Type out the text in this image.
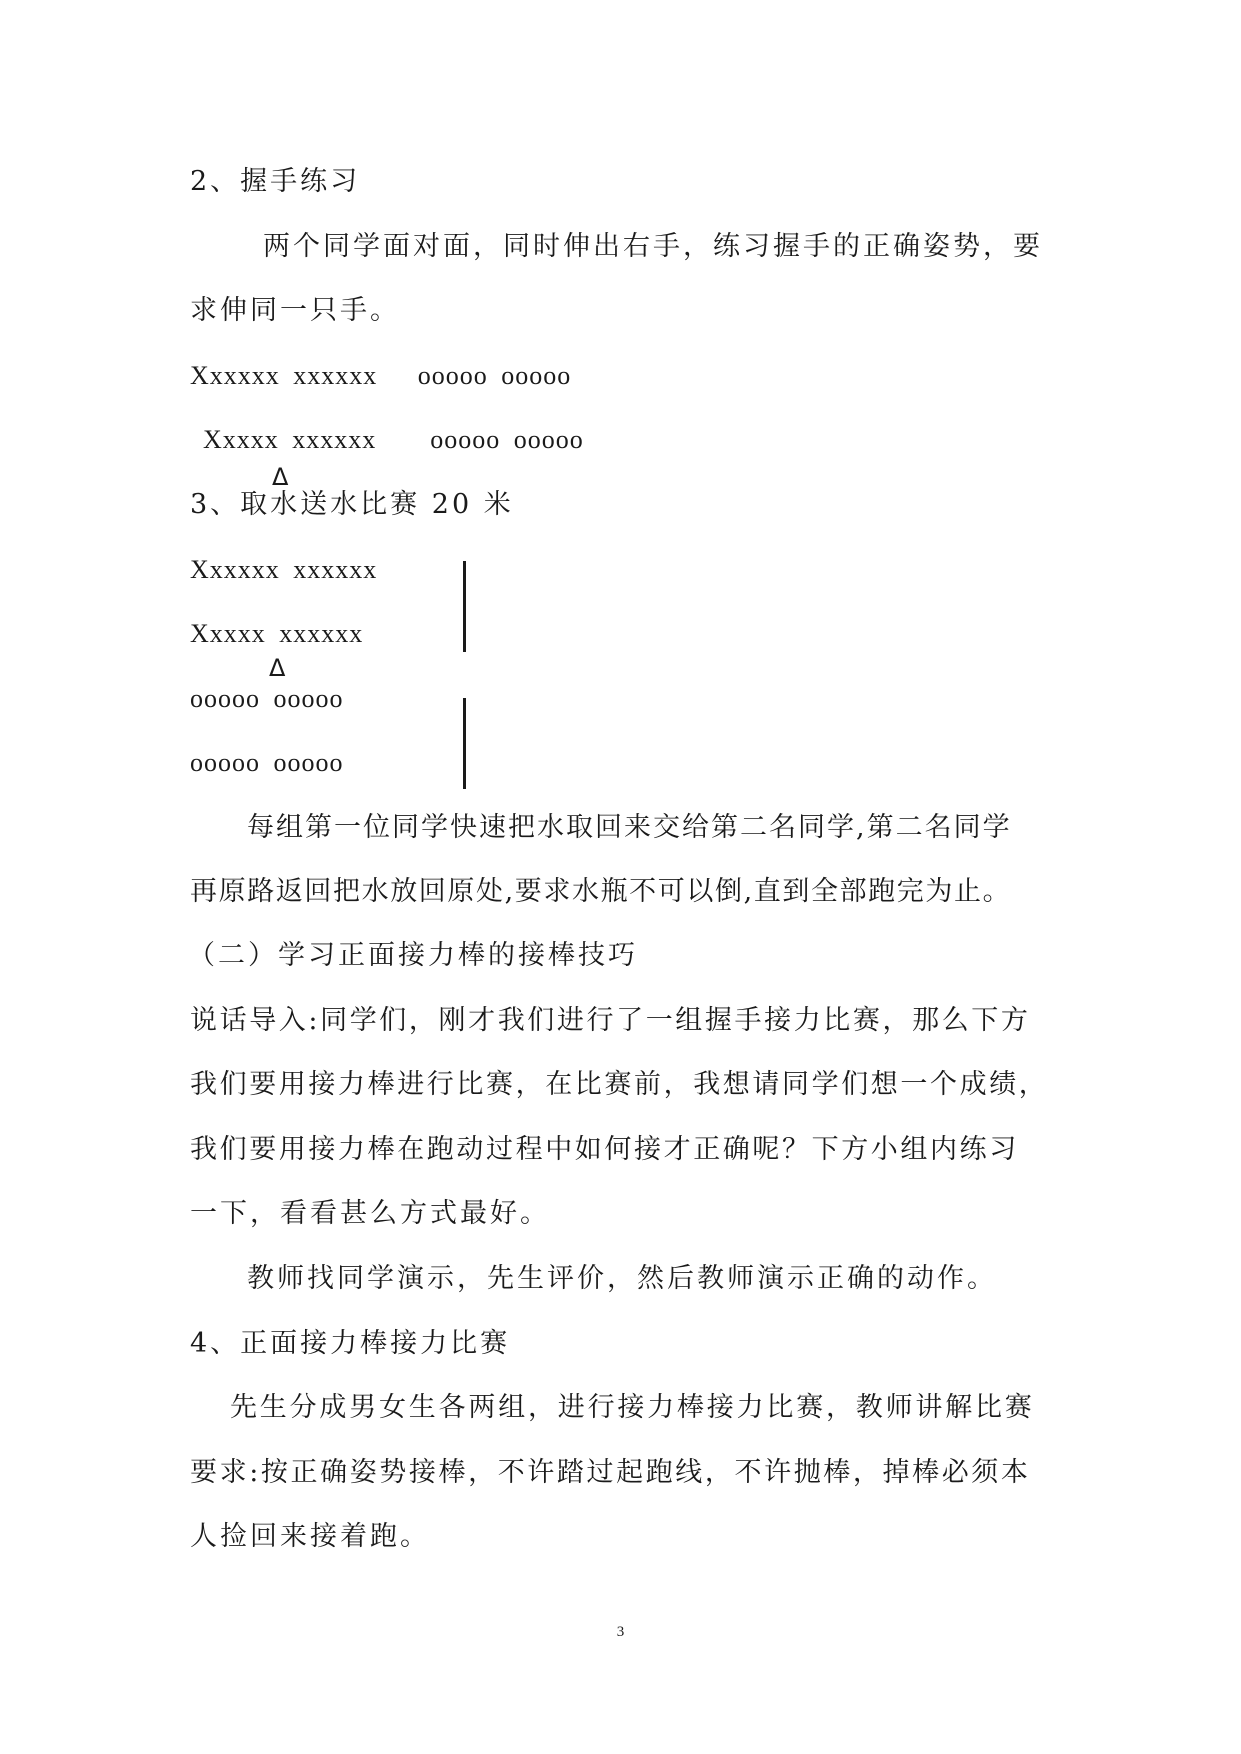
2、握手练习
两个同学面对面，同时伸出右手，练习握手的正确姿势，要
求伸同一只手。
Xxxxxx xxxxxx   ooooo ooooo
Xxxxx xxxxxx    ooooo ooooo
Δ
3、取水送水比赛 20 米
Xxxxxx xxxxxx
Xxxxx xxxxxx
Δ
ooooo ooooo
ooooo ooooo
每组第一位同学快速把水取回来交给第二名同学,第二名同学
再原路返回把水放回原处,要求水瓶不可以倒,直到全部跑完为止。
（二）学习正面接力棒的接棒技巧
说话导入:同学们，刚才我们进行了一组握手接力比赛，那么下方
我们要用接力棒进行比赛，在比赛前，我想请同学们想一个成绩，
我们要用接力棒在跑动过程中如何接才正确呢？下方小组内练习
一下，看看甚么方式最好。
教师找同学演示，先生评价，然后教师演示正确的动作。
4、正面接力棒接力比赛
先生分成男女生各两组，进行接力棒接力比赛，教师讲解比赛
要求:按正确姿势接棒，不许踏过起跑线，不许抛棒，掉棒必须本
人捡回来接着跑。
3
